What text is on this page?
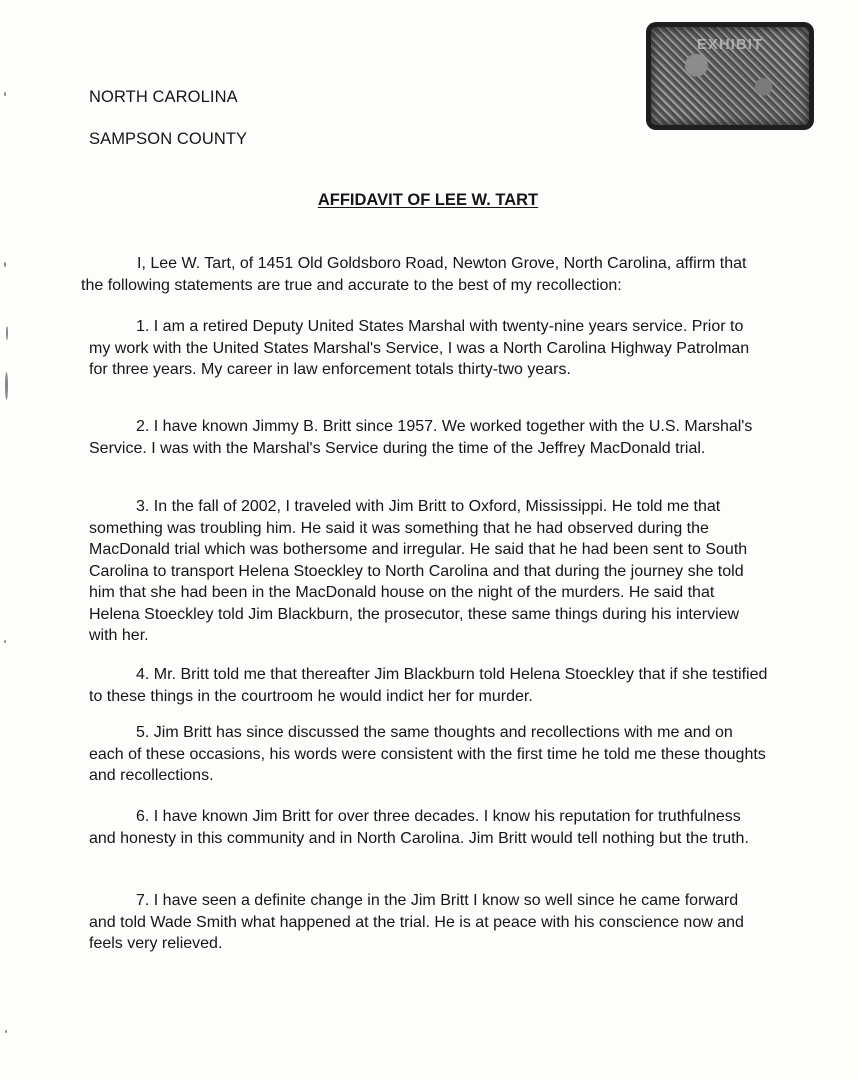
NORTH CAROLINA
SAMPSON COUNTY
EXHIBIT
AFFIDAVIT OF LEE W. TART

I, Lee W. Tart, of 1451 Old Goldsboro Road, Newton Grove, North Carolina, affirm that the following statements are true and accurate to the best of my recollection:

1. I am a retired Deputy United States Marshal with twenty-nine years service. Prior to my work with the United States Marshal's Service, I was a North Carolina Highway Patrolman for three years. My career in law enforcement totals thirty-two years.

2. I have known Jimmy B. Britt since 1957. We worked together with the U.S. Marshal's Service. I was with the Marshal's Service during the time of the Jeffrey MacDonald trial.

3. In the fall of 2002, I traveled with Jim Britt to Oxford, Mississippi. He told me that something was troubling him. He said it was something that he had observed during the MacDonald trial which was bothersome and irregular. He said that he had been sent to South Carolina to transport Helena Stoeckley to North Carolina and that during the journey she told him that she had been in the MacDonald house on the night of the murders. He said that Helena Stoeckley told Jim Blackburn, the prosecutor, these same things during his interview with her.

4. Mr. Britt told me that thereafter Jim Blackburn told Helena Stoeckley that if she testified to these things in the courtroom he would indict her for murder.

5. Jim Britt has since discussed the same thoughts and recollections with me and on each of these occasions, his words were consistent with the first time he told me these thoughts and recollections.

6. I have known Jim Britt for over three decades. I know his reputation for truthfulness and honesty in this community and in North Carolina. Jim Britt would tell nothing but the truth.

7. I have seen a definite change in the Jim Britt I know so well since he came forward and told Wade Smith what happened at the trial. He is at peace with his conscience now and feels very relieved.
